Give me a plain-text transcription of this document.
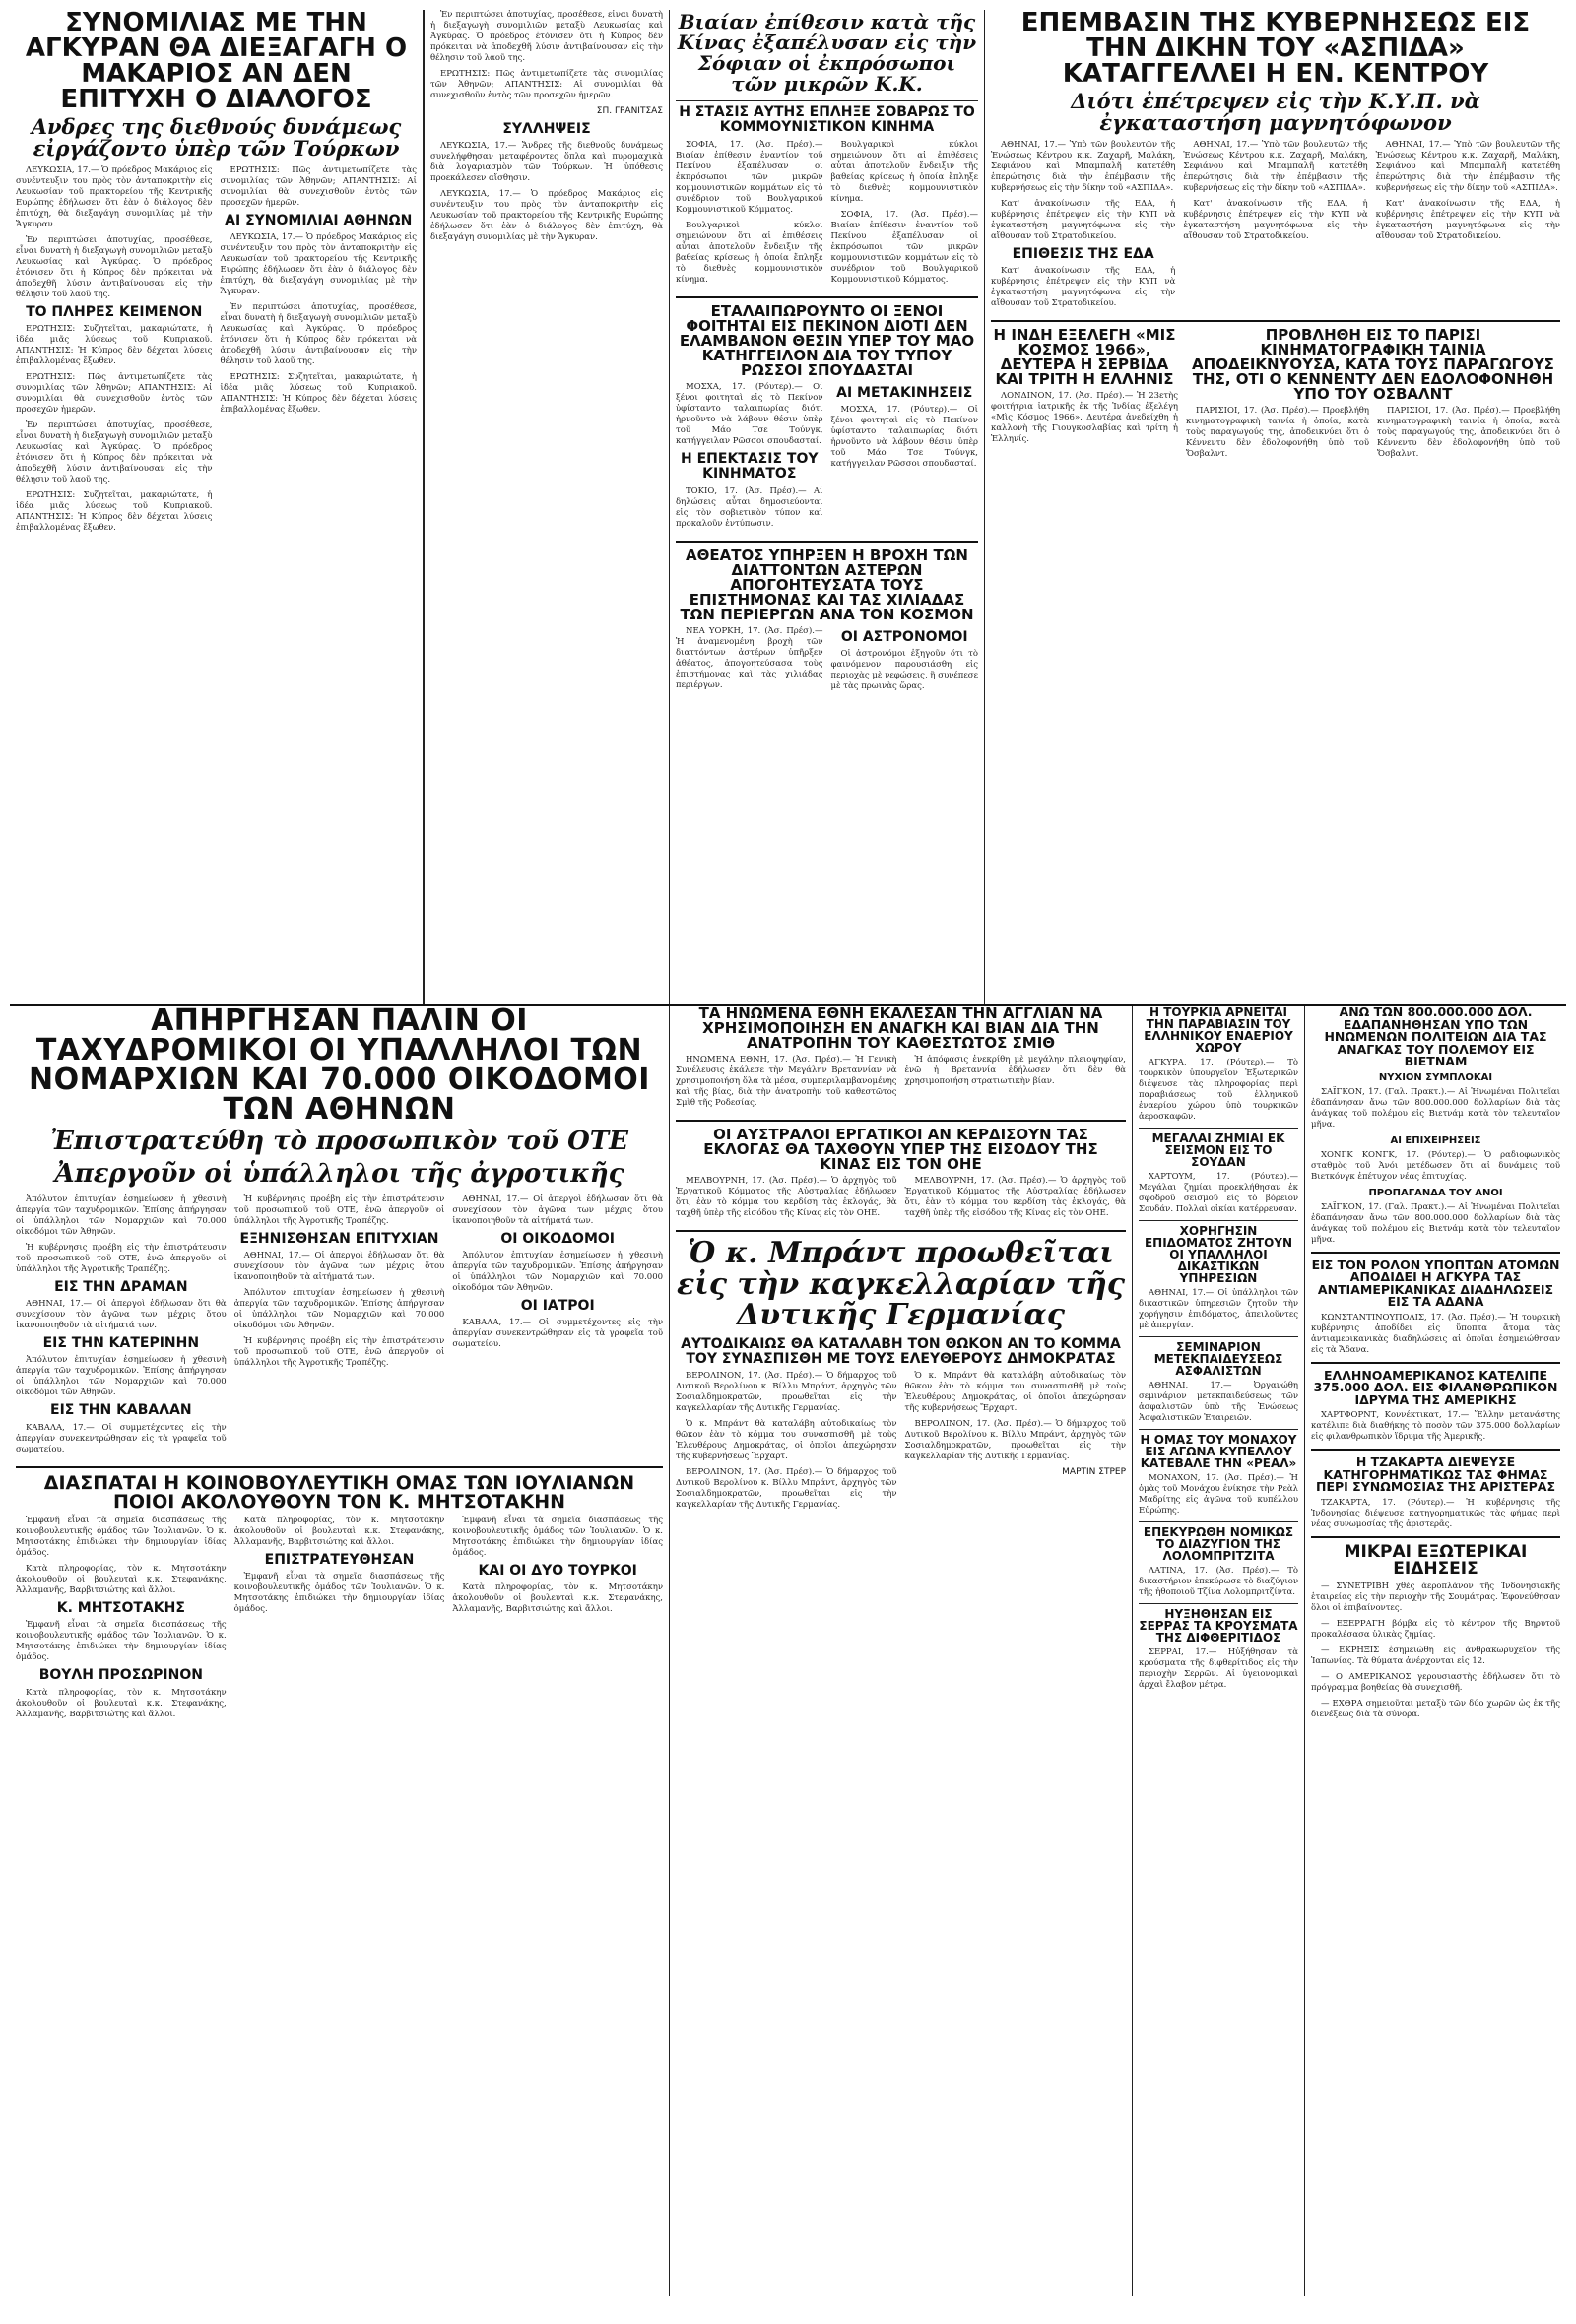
ΣΥΝΟΜΙΛΙΑΣ ΜΕ ΤΗΝ ΑΓΚΥΡΑΝ ΘΑ ΔΙΕΞΑΓΑΓΗ Ο ΜΑΚΑΡΙΟΣ ΑΝ ΔΕΝ ΕΠΙΤΥΧΗ Ο ΔΙΑΛΟΓΟΣ
Ανδρες της διεθνούς δυνάμεως εἰργάζοντο ὑπὲρ τῶν Τούρκων

ΛΕΥΚΩΣΙΑ, 17.— Ὁ πρόεδρος Μακάριος εἰς συνέντευξιν του πρὸς τὸν ἀνταποκριτὴν εἰς Λευκωσίαν τοῦ πρακτορείου τῆς Κεντρικῆς Ευρώπης ἐδήλωσεν ὅτι ἐὰν ὁ διάλογος δὲν ἐπιτύχη, θὰ διεξαγάγη συνομιλίας μὲ τὴν Ἄγκυραν.

Ἐν περιπτώσει ἀποτυχίας, προσέθεσε, εἶναι δυνατὴ ἡ διεξαγωγὴ συνομιλιῶν μεταξὺ Λευκωσίας καὶ Ἀγκύρας. Ὁ πρόεδρος ἐτόνισεν ὅτι ἡ Κύπρος δὲν πρόκειται νὰ ἀποδεχθῆ λύσιν ἀντιβαίνουσαν εἰς τὴν θέλησιν τοῦ λαοῦ της.

ΤΟ ΠΛΗΡΕΣ ΚΕΙΜΕΝΟΝ

ΕΡΩΤΗΣΙΣ: Συζητεῖται, μακαριώτατε, ἡ ἰδέα μιᾶς λύσεως τοῦ Κυπριακοῦ. ΑΠΑΝΤΗΣΙΣ: Ἡ Κύπρος δὲν δέχεται λύσεις ἐπιβαλλομένας ἔξωθεν.

ΕΡΩΤΗΣΙΣ: Πῶς ἀντιμετωπίζετε τὰς συνομιλίας τῶν Ἀθηνῶν; ΑΠΑΝΤΗΣΙΣ: Αἱ συνομιλίαι θὰ συνεχισθοῦν ἐντὸς τῶν προσεχῶν ἡμερῶν.

Ἐν περιπτώσει ἀποτυχίας, προσέθεσε, εἶναι δυνατὴ ἡ διεξαγωγὴ συνομιλιῶν μεταξὺ Λευκωσίας καὶ Ἀγκύρας. Ὁ πρόεδρος ἐτόνισεν ὅτι ἡ Κύπρος δὲν πρόκειται νὰ ἀποδεχθῆ λύσιν ἀντιβαίνουσαν εἰς τὴν θέλησιν τοῦ λαοῦ της.

ΕΡΩΤΗΣΙΣ: Συζητεῖται, μακαριώτατε, ἡ ἰδέα μιᾶς λύσεως τοῦ Κυπριακοῦ. ΑΠΑΝΤΗΣΙΣ: Ἡ Κύπρος δὲν δέχεται λύσεις ἐπιβαλλομένας ἔξωθεν.

ΕΡΩΤΗΣΙΣ: Πῶς ἀντιμετωπίζετε τὰς συνομιλίας τῶν Ἀθηνῶν; ΑΠΑΝΤΗΣΙΣ: Αἱ συνομιλίαι θὰ συνεχισθοῦν ἐντὸς τῶν προσεχῶν ἡμερῶν.

ΑΙ ΣΥΝΟΜΙΛΙΑΙ ΑΘΗΝΩΝ

ΛΕΥΚΩΣΙΑ, 17.— Ὁ πρόεδρος Μακάριος εἰς συνέντευξιν του πρὸς τὸν ἀνταποκριτὴν εἰς Λευκωσίαν τοῦ πρακτορείου τῆς Κεντρικῆς Ευρώπης ἐδήλωσεν ὅτι ἐὰν ὁ διάλογος δὲν ἐπιτύχη, θὰ διεξαγάγη συνομιλίας μὲ τὴν Ἄγκυραν.

Ἐν περιπτώσει ἀποτυχίας, προσέθεσε, εἶναι δυνατὴ ἡ διεξαγωγὴ συνομιλιῶν μεταξὺ Λευκωσίας καὶ Ἀγκύρας. Ὁ πρόεδρος ἐτόνισεν ὅτι ἡ Κύπρος δὲν πρόκειται νὰ ἀποδεχθῆ λύσιν ἀντιβαίνουσαν εἰς τὴν θέλησιν τοῦ λαοῦ της.

ΕΡΩΤΗΣΙΣ: Συζητεῖται, μακαριώτατε, ἡ ἰδέα μιᾶς λύσεως τοῦ Κυπριακοῦ. ΑΠΑΝΤΗΣΙΣ: Ἡ Κύπρος δὲν δέχεται λύσεις ἐπιβαλλομένας ἔξωθεν.

Ἐν περιπτώσει ἀποτυχίας, προσέθεσε, εἶναι δυνατὴ ἡ διεξαγωγὴ συνομιλιῶν μεταξὺ Λευκωσίας καὶ Ἀγκύρας. Ὁ πρόεδρος ἐτόνισεν ὅτι ἡ Κύπρος δὲν πρόκειται νὰ ἀποδεχθῆ λύσιν ἀντιβαίνουσαν εἰς τὴν θέλησιν τοῦ λαοῦ της.

ΕΡΩΤΗΣΙΣ: Πῶς ἀντιμετωπίζετε τὰς συνομιλίας τῶν Ἀθηνῶν; ΑΠΑΝΤΗΣΙΣ: Αἱ συνομιλίαι θὰ συνεχισθοῦν ἐντὸς τῶν προσεχῶν ἡμερῶν.

ΣΠ. ΓΡΑΝΙΤΣΑΣ
ΣΥΛΛΗΨΕΙΣ

ΛΕΥΚΩΣΙΑ, 17.— Ἄνδρες τῆς διεθνοῦς δυνάμεως συνελήφθησαν μεταφέροντες ὅπλα καὶ πυρομαχικὰ διὰ λογαριασμὸν τῶν Τούρκων. Ἡ ὑπόθεσις προεκάλεσεν αἴσθησιν.

ΛΕΥΚΩΣΙΑ, 17.— Ὁ πρόεδρος Μακάριος εἰς συνέντευξιν του πρὸς τὸν ἀνταποκριτὴν εἰς Λευκωσίαν τοῦ πρακτορείου τῆς Κεντρικῆς Ευρώπης ἐδήλωσεν ὅτι ἐὰν ὁ διάλογος δὲν ἐπιτύχη, θὰ διεξαγάγη συνομιλίας μὲ τὴν Ἄγκυραν.

Βιαίαν ἐπίθεσιν κατὰ τῆς Κίνας ἐξαπέλυσαν εἰς τὴν Σόφιαν οἱ ἐκπρόσωποι τῶν μικρῶν Κ.Κ.
Η ΣΤΑΣΙΣ ΑΥΤΗΣ ΕΠΛΗΞΕ ΣΟΒΑΡΩΣ ΤΟ ΚΟΜΜΟΥΝΙΣΤΙΚΟΝ ΚΙΝΗΜΑ

ΣΟΦΙΑ, 17. (Ἀσ. Πρέσ).— Βιαίαν ἐπίθεσιν ἐναντίον τοῦ Πεκίνου ἐξαπέλυσαν οἱ ἐκπρόσωποι τῶν μικρῶν κομμουνιστικῶν κομμάτων εἰς τὸ συνέδριον τοῦ Βουλγαρικοῦ Κομμουνιστικοῦ Κόμματος.

Βουλγαρικοὶ κύκλοι σημειώνουν ὅτι αἱ ἐπιθέσεις αὗται ἀποτελοῦν ἔνδειξιν τῆς βαθείας κρίσεως ἡ ὁποία ἔπληξε τὸ διεθνὲς κομμουνιστικὸν κίνημα.

Βουλγαρικοὶ κύκλοι σημειώνουν ὅτι αἱ ἐπιθέσεις αὗται ἀποτελοῦν ἔνδειξιν τῆς βαθείας κρίσεως ἡ ὁποία ἔπληξε τὸ διεθνὲς κομμουνιστικὸν κίνημα.

ΣΟΦΙΑ, 17. (Ἀσ. Πρέσ).— Βιαίαν ἐπίθεσιν ἐναντίον τοῦ Πεκίνου ἐξαπέλυσαν οἱ ἐκπρόσωποι τῶν μικρῶν κομμουνιστικῶν κομμάτων εἰς τὸ συνέδριον τοῦ Βουλγαρικοῦ Κομμουνιστικοῦ Κόμματος.

ΕΤΑΛΑΙΠΩΡΟΥΝΤΟ ΟΙ ΞΕΝΟΙ ΦΟΙΤΗΤΑΙ ΕΙΣ ΠΕΚΙΝΟΝ ΔΙΟΤΙ ΔΕΝ ΕΛΑΜΒΑΝΟΝ ΘΕΣΙΝ ΥΠΕΡ ΤΟΥ ΜΑΟ ΚΑΤΗΓΓΕΙΛΟΝ ΔΙΑ ΤΟΥ ΤΥΠΟΥ ΡΩΣΣΟΙ ΣΠΟΥΔΑΣΤΑΙ

ΜΟΣΧΑ, 17. (Ρόυτερ).— Οἱ ξένοι φοιτηταὶ εἰς τὸ Πεκίνον ὑφίσταντο ταλαιπωρίας διότι ἠρνοῦντο νὰ λάβουν θέσιν ὑπὲρ τοῦ Μάο Τσε Τούνγκ, κατήγγειλαν Ρῶσσοι σπουδασταί.

Η ΕΠΕΚΤΑΣΙΣ ΤΟΥ ΚΙΝΗΜΑΤΟΣ

ΤΟΚΙΟ, 17. (Ἀσ. Πρέσ).— Αἱ δηλώσεις αὗται δημοσιεύονται εἰς τὸν σοβιετικὸν τύπον καὶ προκαλοῦν ἐντύπωσιν.

ΑΙ ΜΕΤΑΚΙΝΗΣΕΙΣ

ΜΟΣΧΑ, 17. (Ρόυτερ).— Οἱ ξένοι φοιτηταὶ εἰς τὸ Πεκίνον ὑφίσταντο ταλαιπωρίας διότι ἠρνοῦντο νὰ λάβουν θέσιν ὑπὲρ τοῦ Μάο Τσε Τούνγκ, κατήγγειλαν Ρῶσσοι σπουδασταί.

ΑΘΕΑΤΟΣ ΥΠΗΡΞΕΝ Η ΒΡΟΧΗ ΤΩΝ ΔΙΑΤΤΟΝΤΩΝ ΑΣΤΕΡΩΝ ΑΠΟΓΟΗΤΕΥΣΑΤΑ ΤΟΥΣ ΕΠΙΣΤΗΜΟΝΑΣ ΚΑΙ ΤΑΣ ΧΙΛΙΑΔΑΣ ΤΩΝ ΠΕΡΙΕΡΓΩΝ ΑΝΑ ΤΟΝ ΚΟΣΜΟΝ

ΝΕΑ ΥΟΡΚΗ, 17. (Ἀσ. Πρέσ).— Ἡ ἀναμενομένη βροχὴ τῶν διαττόντων ἀστέρων ὑπῆρξεν ἀθέατος, ἀπογοητεύσασα τοὺς ἐπιστήμονας καὶ τὰς χιλιάδας περιέργων.

ΟΙ ΑΣΤΡΟΝΟΜΟΙ

Οἱ ἀστρονόμοι ἐξηγοῦν ὅτι τὸ φαινόμενον παρουσιάσθη εἰς περιοχὰς μὲ νεφώσεις, ἢ συνέπεσε μὲ τὰς πρωινὰς ὥρας.

ΕΠΕΜΒΑΣΙΝ ΤΗΣ ΚΥΒΕΡΝΗΣΕΩΣ ΕΙΣ ΤΗΝ ΔΙΚΗΝ ΤΟΥ «ΑΣΠΙΔΑ» ΚΑΤΑΓΓΕΛΛΕΙ Η ΕΝ. ΚΕΝΤΡΟΥ
Διότι ἐπέτρεψεν εἰς τὴν Κ.Υ.Π. νὰ ἐγκαταστήση μαγνητόφωνον

ΑΘΗΝΑΙ, 17.— Ὑπὸ τῶν βουλευτῶν τῆς Ἐνώσεως Κέντρου κ.κ. Ζαχαρῆ, Μαλάκη, Σεφιάνου καὶ Μπαμπαλῆ κατετέθη ἐπερώτησις διὰ τὴν ἐπέμβασιν τῆς κυβερνήσεως εἰς τὴν δίκην τοῦ «ΑΣΠΙΔΑ».

Κατ' ἀνακοίνωσιν τῆς ΕΔΑ, ἡ κυβέρνησις ἐπέτρεψεν εἰς τὴν ΚΥΠ νὰ ἐγκαταστήση μαγνητόφωνα εἰς τὴν αἴθουσαν τοῦ Στρατοδικείου.

ΕΠΙΘΕΣΙΣ ΤΗΣ ΕΔΑ

Κατ' ἀνακοίνωσιν τῆς ΕΔΑ, ἡ κυβέρνησις ἐπέτρεψεν εἰς τὴν ΚΥΠ νὰ ἐγκαταστήση μαγνητόφωνα εἰς τὴν αἴθουσαν τοῦ Στρατοδικείου.

ΑΘΗΝΑΙ, 17.— Ὑπὸ τῶν βουλευτῶν τῆς Ἐνώσεως Κέντρου κ.κ. Ζαχαρῆ, Μαλάκη, Σεφιάνου καὶ Μπαμπαλῆ κατετέθη ἐπερώτησις διὰ τὴν ἐπέμβασιν τῆς κυβερνήσεως εἰς τὴν δίκην τοῦ «ΑΣΠΙΔΑ».

Κατ' ἀνακοίνωσιν τῆς ΕΔΑ, ἡ κυβέρνησις ἐπέτρεψεν εἰς τὴν ΚΥΠ νὰ ἐγκαταστήση μαγνητόφωνα εἰς τὴν αἴθουσαν τοῦ Στρατοδικείου.

ΑΘΗΝΑΙ, 17.— Ὑπὸ τῶν βουλευτῶν τῆς Ἐνώσεως Κέντρου κ.κ. Ζαχαρῆ, Μαλάκη, Σεφιάνου καὶ Μπαμπαλῆ κατετέθη ἐπερώτησις διὰ τὴν ἐπέμβασιν τῆς κυβερνήσεως εἰς τὴν δίκην τοῦ «ΑΣΠΙΔΑ».

Κατ' ἀνακοίνωσιν τῆς ΕΔΑ, ἡ κυβέρνησις ἐπέτρεψεν εἰς τὴν ΚΥΠ νὰ ἐγκαταστήση μαγνητόφωνα εἰς τὴν αἴθουσαν τοῦ Στρατοδικείου.

Η ΙΝΔΗ ΕΞΕΛΕΓΗ «ΜΙΣ ΚΟΣΜΟΣ 1966», ΔΕΥΤΕΡΑ Η ΣΕΡΒΙΔΑ ΚΑΙ ΤΡΙΤΗ Η ΕΛΛΗΝΙΣ

ΛΟΝΔΙΝΟΝ, 17. (Ἀσ. Πρέσ).— Ἡ 23ετὴς φοιτήτρια ἰατρικῆς ἐκ τῆς Ἰνδίας ἐξελέγη «Μὶς Κόσμος 1966». Δευτέρα ἀνεδείχθη ἡ καλλονὴ τῆς Γιουγκοσλαβίας καὶ τρίτη ἡ Ἑλληνίς.

ΠΡΟΒΛΗΘΗ ΕΙΣ ΤΟ ΠΑΡΙΣΙ ΚΙΝΗΜΑΤΟΓΡΑΦΙΚΗ ΤΑΙΝΙΑ ΑΠΟΔΕΙΚΝΥΟΥΣΑ, ΚΑΤΑ ΤΟΥΣ ΠΑΡΑΓΩΓΟΥΣ ΤΗΣ, ΟΤΙ Ο ΚΕΝΝΕΝΤΥ ΔΕΝ ΕΔΟΛΟΦΟΝΗΘΗ ΥΠΟ ΤΟΥ ΟΣΒΑΛΝΤ

ΠΑΡΙΣΙΟΙ, 17. (Ἀσ. Πρέσ).— Προεβλήθη κινηματογραφικὴ ταινία ἡ ὁποία, κατὰ τοὺς παραγωγούς της, ἀποδεικνύει ὅτι ὁ Κέννεντυ δὲν ἐδολοφονήθη ὑπὸ τοῦ Ὄσβαλντ.

ΠΑΡΙΣΙΟΙ, 17. (Ἀσ. Πρέσ).— Προεβλήθη κινηματογραφικὴ ταινία ἡ ὁποία, κατὰ τοὺς παραγωγούς της, ἀποδεικνύει ὅτι ὁ Κέννεντυ δὲν ἐδολοφονήθη ὑπὸ τοῦ Ὄσβαλντ.

ΑΠΗΡΓΗΣΑΝ ΠΑΛΙΝ ΟΙ ΤΑΧΥΔΡΟΜΙΚΟΙ ΟΙ ΥΠΑΛΛΗΛΟΙ ΤΩΝ ΝΟΜΑΡΧΙΩΝ ΚΑΙ 70.000 ΟΙΚΟΔΟΜΟΙ ΤΩΝ ΑΘΗΝΩΝ
Ἐπιστρατεύθη τὸ προσωπικὸν τοῦ ΟΤΕ
Ἀπεργοῦν οἱ ὑπάλληλοι τῆς ἀγροτικῆς

Ἀπόλυτον ἐπιτυχίαν ἐσημείωσεν ἡ χθεσινὴ ἀπεργία τῶν ταχυδρομικῶν. Ἐπίσης ἀπήργησαν οἱ ὑπάλληλοι τῶν Νομαρχιῶν καὶ 70.000 οἰκοδόμοι τῶν Ἀθηνῶν.

Ἡ κυβέρνησις προέβη εἰς τὴν ἐπιστράτευσιν τοῦ προσωπικοῦ τοῦ ΟΤΕ, ἐνῶ ἀπεργοῦν οἱ ὑπάλληλοι τῆς Ἀγροτικῆς Τραπέζης.

ΕΙΣ ΤΗΝ ΔΡΑΜΑΝ

ΑΘΗΝΑΙ, 17.— Οἱ ἀπεργοὶ ἐδήλωσαν ὅτι θὰ συνεχίσουν τὸν ἀγῶνα των μέχρις ὅτου ἱκανοποιηθοῦν τὰ αἰτήματά των.

ΕΙΣ ΤΗΝ ΚΑΤΕΡΙΝΗΝ

Ἀπόλυτον ἐπιτυχίαν ἐσημείωσεν ἡ χθεσινὴ ἀπεργία τῶν ταχυδρομικῶν. Ἐπίσης ἀπήργησαν οἱ ὑπάλληλοι τῶν Νομαρχιῶν καὶ 70.000 οἰκοδόμοι τῶν Ἀθηνῶν.

ΕΙΣ ΤΗΝ ΚΑΒΑΛΑΝ

ΚΑΒΑΛΑ, 17.— Οἱ συμμετέχοντες εἰς τὴν ἀπεργίαν συνεκεντρώθησαν εἰς τὰ γραφεῖα τοῦ σωματείου.

Ἡ κυβέρνησις προέβη εἰς τὴν ἐπιστράτευσιν τοῦ προσωπικοῦ τοῦ ΟΤΕ, ἐνῶ ἀπεργοῦν οἱ ὑπάλληλοι τῆς Ἀγροτικῆς Τραπέζης.

ΕΞΗΝΙΣΘΗΣΑΝ ΕΠΙΤΥΧΙΑΝ

ΑΘΗΝΑΙ, 17.— Οἱ ἀπεργοὶ ἐδήλωσαν ὅτι θὰ συνεχίσουν τὸν ἀγῶνα των μέχρις ὅτου ἱκανοποιηθοῦν τὰ αἰτήματά των.

Ἀπόλυτον ἐπιτυχίαν ἐσημείωσεν ἡ χθεσινὴ ἀπεργία τῶν ταχυδρομικῶν. Ἐπίσης ἀπήργησαν οἱ ὑπάλληλοι τῶν Νομαρχιῶν καὶ 70.000 οἰκοδόμοι τῶν Ἀθηνῶν.

Ἡ κυβέρνησις προέβη εἰς τὴν ἐπιστράτευσιν τοῦ προσωπικοῦ τοῦ ΟΤΕ, ἐνῶ ἀπεργοῦν οἱ ὑπάλληλοι τῆς Ἀγροτικῆς Τραπέζης.

ΑΘΗΝΑΙ, 17.— Οἱ ἀπεργοὶ ἐδήλωσαν ὅτι θὰ συνεχίσουν τὸν ἀγῶνα των μέχρις ὅτου ἱκανοποιηθοῦν τὰ αἰτήματά των.

ΟΙ ΟΙΚΟΔΟΜΟΙ

Ἀπόλυτον ἐπιτυχίαν ἐσημείωσεν ἡ χθεσινὴ ἀπεργία τῶν ταχυδρομικῶν. Ἐπίσης ἀπήργησαν οἱ ὑπάλληλοι τῶν Νομαρχιῶν καὶ 70.000 οἰκοδόμοι τῶν Ἀθηνῶν.

ΟΙ ΙΑΤΡΟΙ

ΚΑΒΑΛΑ, 17.— Οἱ συμμετέχοντες εἰς τὴν ἀπεργίαν συνεκεντρώθησαν εἰς τὰ γραφεῖα τοῦ σωματείου.

ΔΙΑΣΠΑΤΑΙ Η ΚΟΙΝΟΒΟΥΛΕΥΤΙΚΗ ΟΜΑΣ ΤΩΝ ΙΟΥΛΙΑΝΩΝ ΠΟΙΟΙ ΑΚΟΛΟΥΘΟΥΝ ΤΟΝ Κ. ΜΗΤΣΟΤΑΚΗΝ

Ἐμφανῆ εἶναι τὰ σημεῖα διασπάσεως τῆς κοινοβουλευτικῆς ὁμάδος τῶν Ἰουλιανῶν. Ὁ κ. Μητσοτάκης ἐπιδιώκει τὴν δημιουργίαν ἰδίας ὁμάδος.

Κατὰ πληροφορίας, τὸν κ. Μητσοτάκην ἀκολουθοῦν οἱ βουλευταὶ κ.κ. Στεφανάκης, Ἀλλαμανῆς, Βαρβιτσιώτης καὶ ἄλλοι.

Κ. ΜΗΤΣΟΤΑΚΗΣ

Ἐμφανῆ εἶναι τὰ σημεῖα διασπάσεως τῆς κοινοβουλευτικῆς ὁμάδος τῶν Ἰουλιανῶν. Ὁ κ. Μητσοτάκης ἐπιδιώκει τὴν δημιουργίαν ἰδίας ὁμάδος.

ΒΟΥΛΗ ΠΡΟΣΩΡΙΝΟΝ

Κατὰ πληροφορίας, τὸν κ. Μητσοτάκην ἀκολουθοῦν οἱ βουλευταὶ κ.κ. Στεφανάκης, Ἀλλαμανῆς, Βαρβιτσιώτης καὶ ἄλλοι.

Κατὰ πληροφορίας, τὸν κ. Μητσοτάκην ἀκολουθοῦν οἱ βουλευταὶ κ.κ. Στεφανάκης, Ἀλλαμανῆς, Βαρβιτσιώτης καὶ ἄλλοι.

ΕΠΙΣΤΡΑΤΕΥΘΗΣΑΝ

Ἐμφανῆ εἶναι τὰ σημεῖα διασπάσεως τῆς κοινοβουλευτικῆς ὁμάδος τῶν Ἰουλιανῶν. Ὁ κ. Μητσοτάκης ἐπιδιώκει τὴν δημιουργίαν ἰδίας ὁμάδος.

Ἐμφανῆ εἶναι τὰ σημεῖα διασπάσεως τῆς κοινοβουλευτικῆς ὁμάδος τῶν Ἰουλιανῶν. Ὁ κ. Μητσοτάκης ἐπιδιώκει τὴν δημιουργίαν ἰδίας ὁμάδος.

ΚΑΙ ΟΙ ΔΥΟ ΤΟΥΡΚΟΙ

Κατὰ πληροφορίας, τὸν κ. Μητσοτάκην ἀκολουθοῦν οἱ βουλευταὶ κ.κ. Στεφανάκης, Ἀλλαμανῆς, Βαρβιτσιώτης καὶ ἄλλοι.

ΤΑ ΗΝΩΜΕΝΑ ΕΘΝΗ ΕΚΑΛΕΣΑΝ ΤΗΝ ΑΓΓΛΙΑΝ ΝΑ ΧΡΗΣΙΜΟΠΟΙΗΣΗ ΕΝ ΑΝΑΓΚΗ ΚΑΙ ΒΙΑΝ ΔΙΑ ΤΗΝ ΑΝΑΤΡΟΠΗΝ ΤΟΥ ΚΑΘΕΣΤΩΤΟΣ ΣΜΙΘ

ΗΝΩΜΕΝΑ ΕΘΝΗ, 17. (Ἀσ. Πρέσ).— Ἡ Γενικὴ Συνέλευσις ἐκάλεσε τὴν Μεγάλην Βρεταννίαν νὰ χρησιμοποιήση ὅλα τὰ μέσα, συμπεριλαμβανομένης καὶ τῆς βίας, διὰ τὴν ἀνατροπὴν τοῦ καθεστῶτος Σμὶθ τῆς Ροδεσίας.

Ἡ ἀπόφασις ἐνεκρίθη μὲ μεγάλην πλειοψηφίαν, ἐνῶ ἡ Βρεταννία ἐδήλωσεν ὅτι δὲν θὰ χρησιμοποιήση στρατιωτικὴν βίαν.

ΟΙ ΑΥΣΤΡΑΛΟΙ ΕΡΓΑΤΙΚΟΙ ΑΝ ΚΕΡΔΙΣΟΥΝ ΤΑΣ ΕΚΛΟΓΑΣ ΘΑ ΤΑΧΘΟΥΝ ΥΠΕΡ ΤΗΣ ΕΙΣΟΔΟΥ ΤΗΣ ΚΙΝΑΣ ΕΙΣ ΤΟΝ ΟΗΕ

ΜΕΛΒΟΥΡΝΗ, 17. (Ἀσ. Πρέσ).— Ὁ ἀρχηγὸς τοῦ Ἐργατικοῦ Κόμματος τῆς Αὐστραλίας ἐδήλωσεν ὅτι, ἐὰν τὸ κόμμα του κερδίση τὰς ἐκλογάς, θὰ ταχθῆ ὑπὲρ τῆς εἰσόδου τῆς Κίνας εἰς τὸν ΟΗΕ.

ΜΕΛΒΟΥΡΝΗ, 17. (Ἀσ. Πρέσ).— Ὁ ἀρχηγὸς τοῦ Ἐργατικοῦ Κόμματος τῆς Αὐστραλίας ἐδήλωσεν ὅτι, ἐὰν τὸ κόμμα του κερδίση τὰς ἐκλογάς, θὰ ταχθῆ ὑπὲρ τῆς εἰσόδου τῆς Κίνας εἰς τὸν ΟΗΕ.

Ὁ κ. Μπράντ προωθεῖται εἰς τὴν καγκελλαρίαν τῆς Δυτικῆς Γερμανίας
ΑΥΤΟΔΙΚΑΙΩΣ ΘΑ ΚΑΤΑΛΑΒΗ ΤΟΝ ΘΩΚΟΝ ΑΝ ΤΟ ΚΟΜΜΑ ΤΟΥ ΣΥΝΑΣΠΙΣΘΗ ΜΕ ΤΟΥΣ ΕΛΕΥΘΕΡΟΥΣ ΔΗΜΟΚΡΑΤΑΣ

ΒΕΡΟΛΙΝΟΝ, 17. (Ἀσ. Πρέσ).— Ὁ δήμαρχος τοῦ Δυτικοῦ Βερολίνου κ. Βίλλυ Μπράντ, ἀρχηγὸς τῶν Σοσιαλδημοκρατῶν, προωθεῖται εἰς τὴν καγκελλαρίαν τῆς Δυτικῆς Γερμανίας.

Ὁ κ. Μπράντ θὰ καταλάβη αὐτοδικαίως τὸν θῶκον ἐὰν τὸ κόμμα του συνασπισθῆ μὲ τοὺς Ἐλευθέρους Δημοκράτας, οἱ ὁποῖοι ἀπεχώρησαν τῆς κυβερνήσεως Ἔρχαρτ.

ΒΕΡΟΛΙΝΟΝ, 17. (Ἀσ. Πρέσ).— Ὁ δήμαρχος τοῦ Δυτικοῦ Βερολίνου κ. Βίλλυ Μπράντ, ἀρχηγὸς τῶν Σοσιαλδημοκρατῶν, προωθεῖται εἰς τὴν καγκελλαρίαν τῆς Δυτικῆς Γερμανίας.

Ὁ κ. Μπράντ θὰ καταλάβη αὐτοδικαίως τὸν θῶκον ἐὰν τὸ κόμμα του συνασπισθῆ μὲ τοὺς Ἐλευθέρους Δημοκράτας, οἱ ὁποῖοι ἀπεχώρησαν τῆς κυβερνήσεως Ἔρχαρτ.

ΒΕΡΟΛΙΝΟΝ, 17. (Ἀσ. Πρέσ).— Ὁ δήμαρχος τοῦ Δυτικοῦ Βερολίνου κ. Βίλλυ Μπράντ, ἀρχηγὸς τῶν Σοσιαλδημοκρατῶν, προωθεῖται εἰς τὴν καγκελλαρίαν τῆς Δυτικῆς Γερμανίας.

ΜΑΡΤΙΝ ΣΤΡΕΡ
Η ΤΟΥΡΚΙΑ ΑΡΝΕΙΤΑΙ ΤΗΝ ΠΑΡΑΒΙΑΣΙΝ ΤΟΥ ΕΛΛΗΝΙΚΟΥ ΕΝΑΕΡΙΟΥ ΧΩΡΟΥ

ΑΓΚΥΡΑ, 17. (Ρόυτερ).— Τὸ τουρκικὸν ὑπουργεῖον Ἐξωτερικῶν διέψευσε τὰς πληροφορίας περὶ παραβιάσεως τοῦ ἑλληνικοῦ ἐναερίου χώρου ὑπὸ τουρκικῶν ἀεροσκαφῶν.

ΜΕΓΑΛΑΙ ΖΗΜΙΑΙ ΕΚ ΣΕΙΣΜΟΝ ΕΙΣ ΤΟ ΣΟΥΔΑΝ

ΧΑΡΤΟΥΜ, 17. (Ρόυτερ).— Μεγάλαι ζημίαι προεκλήθησαν ἐκ σφοδροῦ σεισμοῦ εἰς τὸ βόρειον Σουδάν. Πολλαὶ οἰκίαι κατέρρευσαν.

ΧΟΡΗΓΗΣΙΝ ΕΠΙΔΟΜΑΤΟΣ ΖΗΤΟΥΝ ΟΙ ΥΠΑΛΛΗΛΟΙ ΔΙΚΑΣΤΙΚΩΝ ΥΠΗΡΕΣΙΩΝ

ΑΘΗΝΑΙ, 17.— Οἱ ὑπάλληλοι τῶν δικαστικῶν ὑπηρεσιῶν ζητοῦν τὴν χορήγησιν ἐπιδόματος, ἀπειλοῦντες μὲ ἀπεργίαν.

ΣΕΜΙΝΑΡΙΟΝ ΜΕΤΕΚΠΑΙΔΕΥΣΕΩΣ ΑΣΦΑΛΙΣΤΩΝ

ΑΘΗΝΑΙ, 17.— Ὀργανώθη σεμινάριον μετεκπαιδεύσεως τῶν ἀσφαλιστῶν ὑπὸ τῆς Ἑνώσεως Ἀσφαλιστικῶν Ἑταιρειῶν.

Η ΟΜΑΣ ΤΟΥ ΜΟΝΑΧΟΥ ΕΙΣ ΑΓΩΝΑ ΚΥΠΕΛΛΟΥ ΚΑΤΕΒΑΛΕ ΤΗΝ «ΡΕΑΛ»

ΜΟΝΑΧΟΝ, 17. (Ἀσ. Πρέσ).— Ἡ ὁμὰς τοῦ Μονάχου ἐνίκησε τὴν Ρεὰλ Μαδρίτης εἰς ἀγῶνα τοῦ κυπέλλου Εὐρώπης.

ΕΠΕΚΥΡΩΘΗ ΝΟΜΙΚΩΣ ΤΟ ΔΙΑΖΥΓΙΟΝ ΤΗΣ ΛΟΛΟΜΠΡΙΤΖΙΤΑ

ΛΑΤΙΝΑ, 17. (Ἀσ. Πρέσ).— Τὸ δικαστήριον ἐπεκύρωσε τὸ διαζύγιον τῆς ἠθοποιοῦ Τζίνα Λολομπριτζίντα.

ΗΥΞΗΘΗΣΑΝ ΕΙΣ ΣΕΡΡΑΣ ΤΑ ΚΡΟΥΣΜΑΤΑ ΤΗΣ ΔΙΦΘΕΡΙΤΙΔΟΣ

ΣΕΡΡΑΙ, 17.— Ηὐξήθησαν τὰ κρούσματα τῆς διφθερίτιδος εἰς τὴν περιοχὴν Σερρῶν. Αἱ ὑγειονομικαὶ ἀρχαὶ ἔλαβον μέτρα.

ΑΝΩ ΤΩΝ 800.000.000 ΔΟΛ. ΕΔΑΠΑΝΗΘΗΣΑΝ ΥΠΟ ΤΩΝ ΗΝΩΜΕΝΩΝ ΠΟΛΙΤΕΙΩΝ ΔΙΑ ΤΑΣ ΑΝΑΓΚΑΣ ΤΟΥ ΠΟΛΕΜΟΥ ΕΙΣ ΒΙΕΤΝΑΜ
ΝΥΧΙΟΝ ΣΥΜΠΛΟΚΑΙ

ΣΑΪΓΚΟΝ, 17. (Γαλ. Πρακτ.).— Αἱ Ἡνωμέναι Πολιτεῖαι ἐδαπάνησαν ἄνω τῶν 800.000.000 δολλαρίων διὰ τὰς ἀνάγκας τοῦ πολέμου εἰς Βιετνάμ κατὰ τὸν τελευταῖον μῆνα.

ΑΙ ΕΠΙΧΕΙΡΗΣΕΙΣ

ΧΟΝΓΚ ΚΟΝΓΚ, 17. (Ρόυτερ).— Ὁ ραδιοφωνικὸς σταθμὸς τοῦ Ἀνόι μετέδωσεν ὅτι αἱ δυνάμεις τοῦ Βιετκόνγκ ἐπέτυχον νέας ἐπιτυχίας.

ΠΡΟΠΑΓΑΝΔΑ ΤΟΥ ΑΝΟΙ

ΣΑΪΓΚΟΝ, 17. (Γαλ. Πρακτ.).— Αἱ Ἡνωμέναι Πολιτεῖαι ἐδαπάνησαν ἄνω τῶν 800.000.000 δολλαρίων διὰ τὰς ἀνάγκας τοῦ πολέμου εἰς Βιετνάμ κατὰ τὸν τελευταῖον μῆνα.

ΕΙΣ ΤΟΝ ΡΟΛΟΝ ΥΠΟΠΤΩΝ ΑΤΟΜΩΝ ΑΠΟΔΙΔΕΙ Η ΑΓΚΥΡΑ ΤΑΣ ΑΝΤΙΑΜΕΡΙΚΑΝΙΚΑΣ ΔΙΑΔΗΛΩΣΕΙΣ ΕΙΣ ΤΑ ΑΔΑΝΑ

ΚΩΝΣΤΑΝΤΙΝΟΥΠΟΛΙΣ, 17. (Ἀσ. Πρέσ).— Ἡ τουρκικὴ κυβέρνησις ἀποδίδει εἰς ὕποπτα ἄτομα τὰς ἀντιαμερικανικὰς διαδηλώσεις αἱ ὁποῖαι ἐσημειώθησαν εἰς τὰ Ἄδανα.

ΕΛΛΗΝΟΑΜΕΡΙΚΑΝΟΣ ΚΑΤΕΛΙΠΕ 375.000 ΔΟΛ. ΕΙΣ ΦΙΛΑΝΘΡΩΠΙΚΟΝ ΙΔΡΥΜΑ ΤΗΣ ΑΜΕΡΙΚΗΣ

ΧΑΡΤΦΟΡΝΤ, Κοννέκτικατ, 17.— Ἕλλην μετανάστης κατέλιπε διὰ διαθήκης τὸ ποσὸν τῶν 375.000 δολλαρίων εἰς φιλανθρωπικὸν ἵδρυμα τῆς Ἀμερικῆς.

Η ΤΖΑΚΑΡΤΑ ΔΙΕΨΕΥΣΕ ΚΑΤΗΓΟΡΗΜΑΤΙΚΩΣ ΤΑΣ ΦΗΜΑΣ ΠΕΡΙ ΣΥΝΩΜΟΣΙΑΣ ΤΗΣ ΑΡΙΣΤΕΡΑΣ

ΤΖΑΚΑΡΤΑ, 17. (Ρόυτερ).— Ἡ κυβέρνησις τῆς Ἰνδονησίας διέψευσε κατηγορηματικῶς τὰς φήμας περὶ νέας συνωμοσίας τῆς ἀριστερᾶς.

ΜΙΚΡΑΙ ΕΞΩΤΕΡΙΚΑΙ ΕΙΔΗΣΕΙΣ

— ΣΥΝΕΤΡΙΒΗ χθὲς ἀεροπλάνον τῆς Ἰνδονησιακῆς ἑταιρείας εἰς τὴν περιοχὴν τῆς Σουμάτρας. Ἐφονεύθησαν ὅλοι οἱ ἐπιβαίνοντες.

— ΕΞΕΡΡΑΓΗ βόμβα εἰς τὸ κέντρον τῆς Βηρυτοῦ προκαλέσασα ὑλικὰς ζημίας.

— ΕΚΡΗΞΙΣ ἐσημειώθη εἰς ἀνθρακωρυχεῖον τῆς Ἰαπωνίας. Τὰ θύματα ἀνέρχονται εἰς 12.

— Ο ΑΜΕΡΙΚΑΝΟΣ γερουσιαστὴς ἐδήλωσεν ὅτι τὸ πρόγραμμα βοηθείας θὰ συνεχισθῆ.

— ΕΧΘΡΑ σημειοῦται μεταξὺ τῶν δύο χωρῶν ὡς ἐκ τῆς διενέξεως διὰ τὰ σύνορα.
